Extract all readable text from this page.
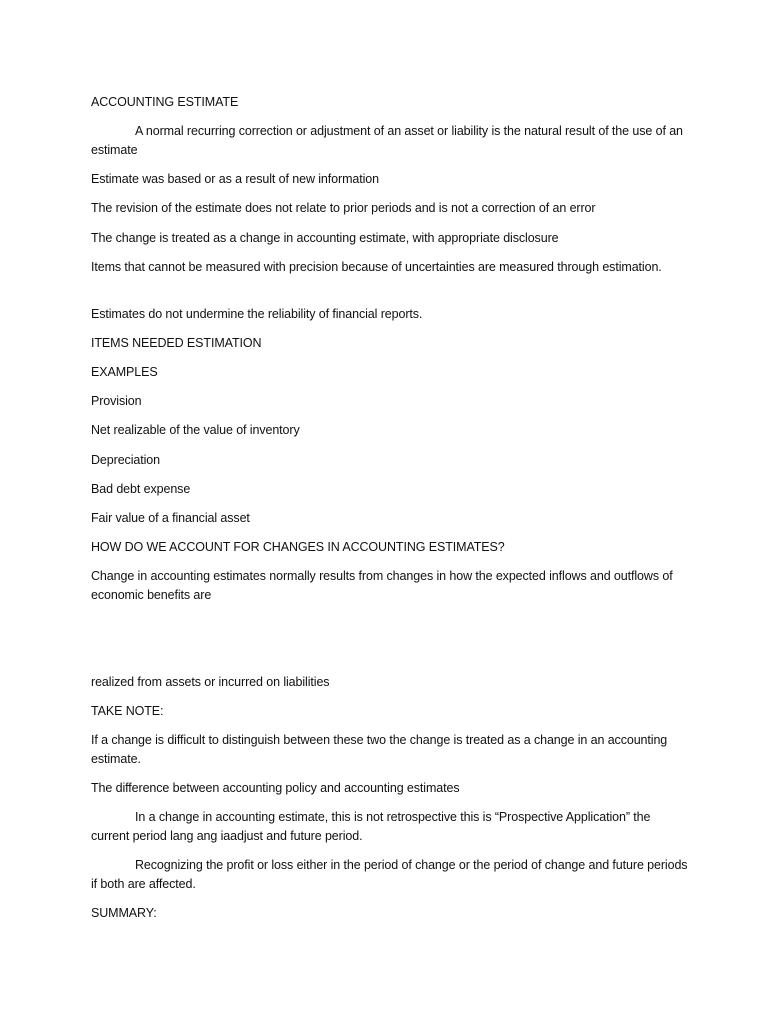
ACCOUNTING ESTIMATE
A normal recurring correction or adjustment of an asset or liability is the natural result of the use of an estimate
Estimate was based or as a result of new information
The revision of the estimate does not relate to prior periods and is not a correction of an error
The change is treated as a change in accounting estimate, with appropriate disclosure
Items that cannot be measured with precision because of uncertainties are measured through estimation.
Estimates do not undermine the reliability of financial reports.
ITEMS NEEDED ESTIMATION
EXAMPLES
Provision
Net realizable of the value of inventory
Depreciation
Bad debt expense
Fair value of a financial asset
HOW DO WE ACCOUNT FOR CHANGES IN ACCOUNTING ESTIMATES?
Change in accounting estimates normally results from changes in how the expected inflows and outflows of economic benefits are
realized from assets or incurred on liabilities
TAKE NOTE:
If a change is difficult to distinguish between these two the change is treated as a change in an accounting estimate.
The difference between accounting policy and accounting estimates
In a change in accounting estimate, this is not retrospective this is “Prospective Application” the current period lang ang iaadjust and future period.
Recognizing the profit or loss either in the period of change or the period of change and future periods if both are affected.
SUMMARY:
